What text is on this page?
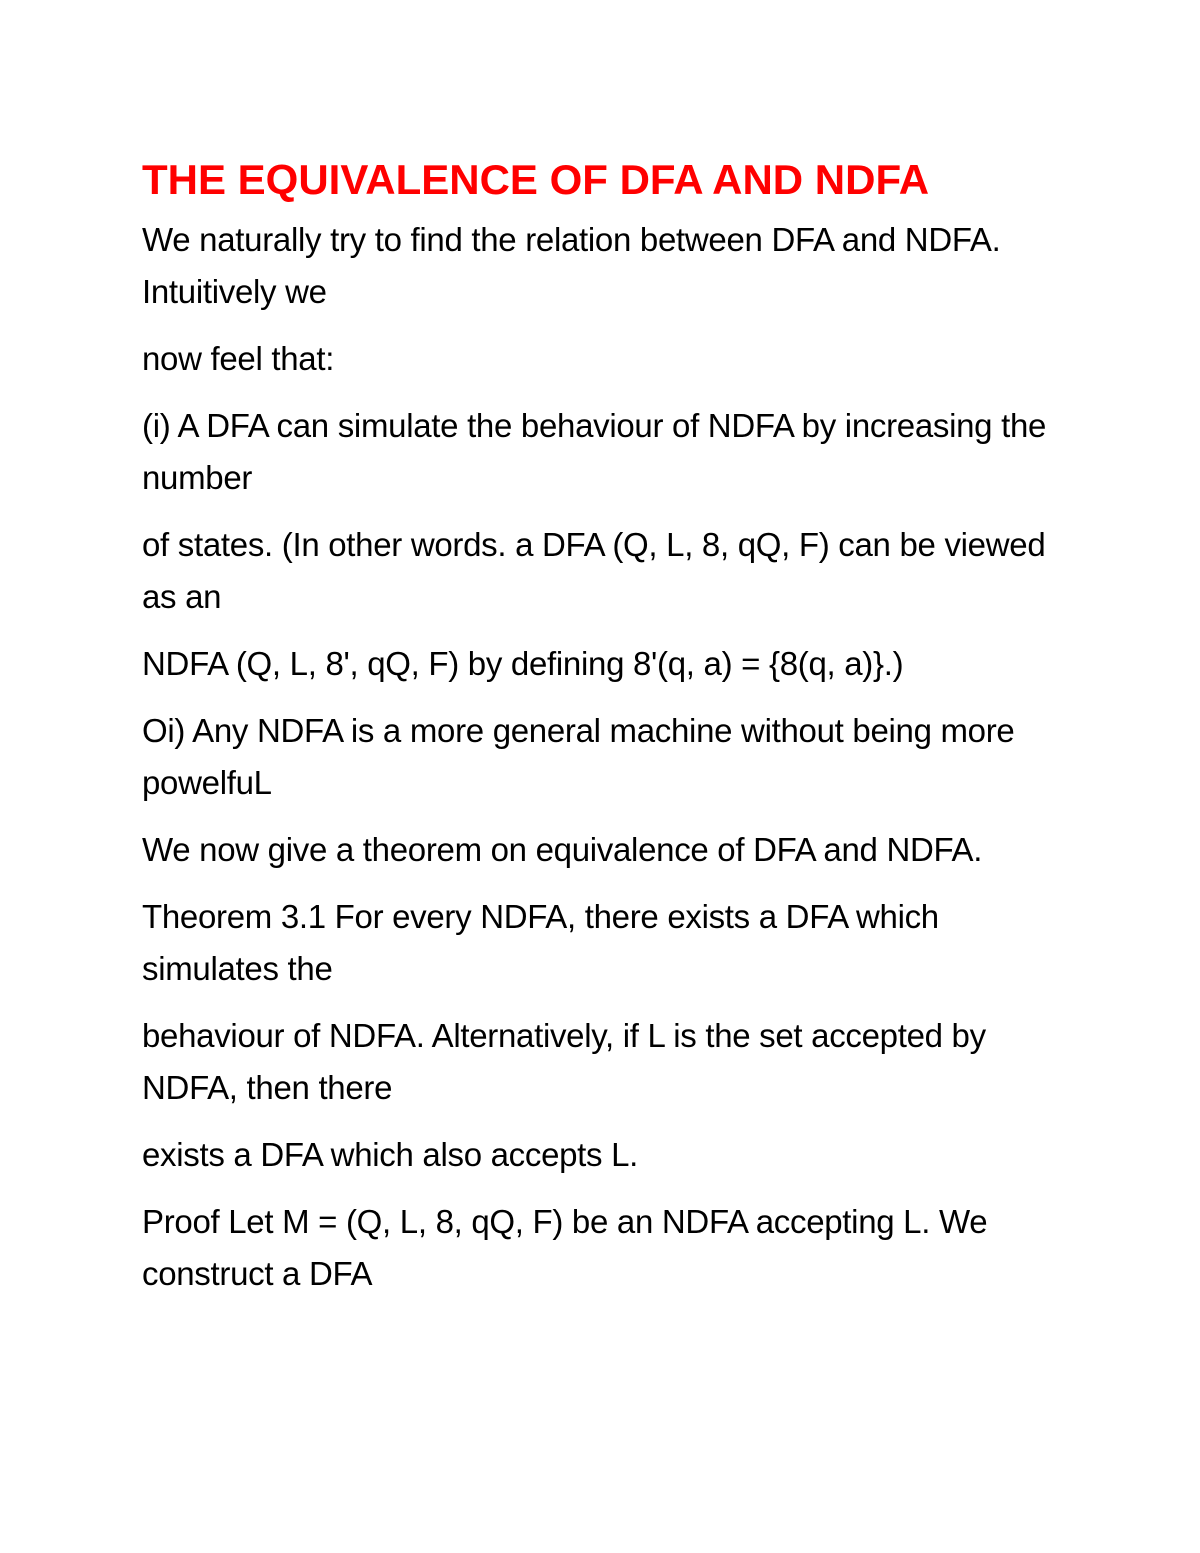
THE EQUIVALENCE OF DFA AND NDFA

We naturally try to find the relation between DFA and NDFA. Intuitively we

now feel that:

(i) A DFA can simulate the behaviour of NDFA by increasing the number

of states. (In other words. a DFA (Q, L, 8, qQ, F) can be viewed as an

NDFA (Q, L, 8', qQ, F) by defining 8'(q, a) = {8(q, a)}.)

Oi) Any NDFA is a more general machine without being more powelfuL

We now give a theorem on equivalence of DFA and NDFA.

Theorem 3.1 For every NDFA, there exists a DFA which simulates the

behaviour of NDFA. Alternatively, if L is the set accepted by NDFA, then there

exists a DFA which also accepts L.

Proof Let M = (Q, L, 8, qQ, F) be an NDFA accepting L. We construct a DFA
